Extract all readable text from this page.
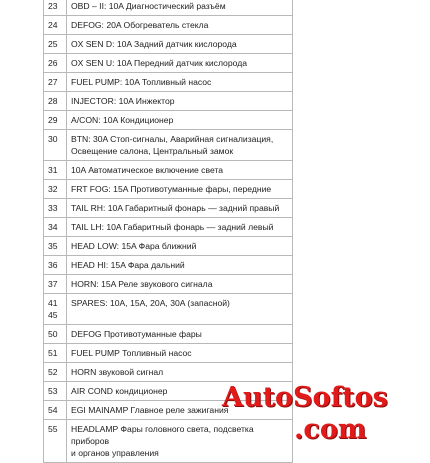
23	OBD – II: 10A Диагностический разъём

24	DEFOG: 20A Обогреватель стекла

25	OX SEN D: 10A Задний датчик кислорода

26	OX SEN U: 10A Передний датчик кислорода

27	FUEL PUMP: 10A Топливный насос

28	INJECTOR: 10A Инжектор

29	A/CON: 10A Кондиционер

30	BTN: 30A Стоп-сигналы, Аварийная сигнализация,
Освещение салона, Центральный замок

31	10A Автоматическое включение света

32	FRT FOG: 15A Противотуманные фары, передние

33	TAIL RH: 10A Габаритный фонарь — задний правый

34	TAIL LH: 10A Габаритный фонарь — задний левый

35	HEAD LOW: 15A Фара ближний

36	HEAD HI: 15A Фара дальний

37	HORN: 15A Реле звукового сигнала

41
45	SPARES: 10A, 15A, 20A, 30A (запасной)

50	DEFOG Противотуманные фары

51	FUEL PUMP Топливный насос

52	HORN звуковой сигнал

53	AIR COND кондиционер

54	EGI MAINAMP Главное реле зажигания

55	HEADLAMP Фары головного света, подсветка приборов
и органов управления
AutoSoftos
.com
